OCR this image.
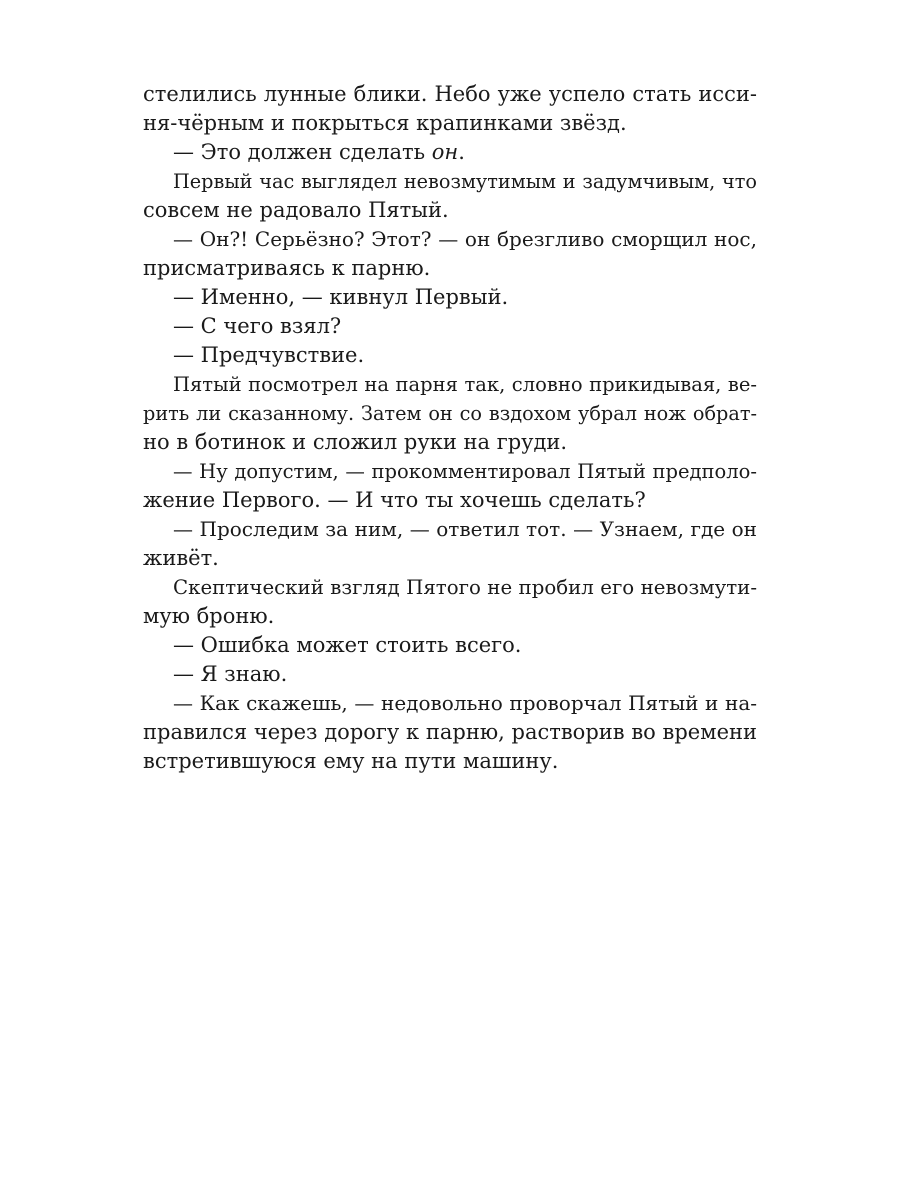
стелились лунные блики. Небо уже успело стать исси-
ня-чёрным и покрыться крапинками звёзд.
— Это должен сделать он.
Первый час выглядел невозмутимым и задумчивым, что
совсем не радовало Пятый.
— Он?! Серьёзно? Этот? — он брезгливо сморщил нос,
присматриваясь к парню.
— Именно, — кивнул Первый.
— С чего взял?
— Предчувствие.
Пятый посмотрел на парня так, словно прикидывая, ве-
рить ли сказанному. Затем он со вздохом убрал нож обрат-
но в ботинок и сложил руки на груди.
— Ну допустим, — прокомментировал Пятый предполо-
жение Первого. — И что ты хочешь сделать?
— Проследим за ним, — ответил тот. — Узнаем, где он
живёт.
Скептический взгляд Пятого не пробил его невозмути-
мую броню.
— Ошибка может стоить всего.
— Я знаю.
— Как скажешь, — недовольно проворчал Пятый и на-
правился через дорогу к парню, растворив во времени
встретившуюся ему на пути машину.
